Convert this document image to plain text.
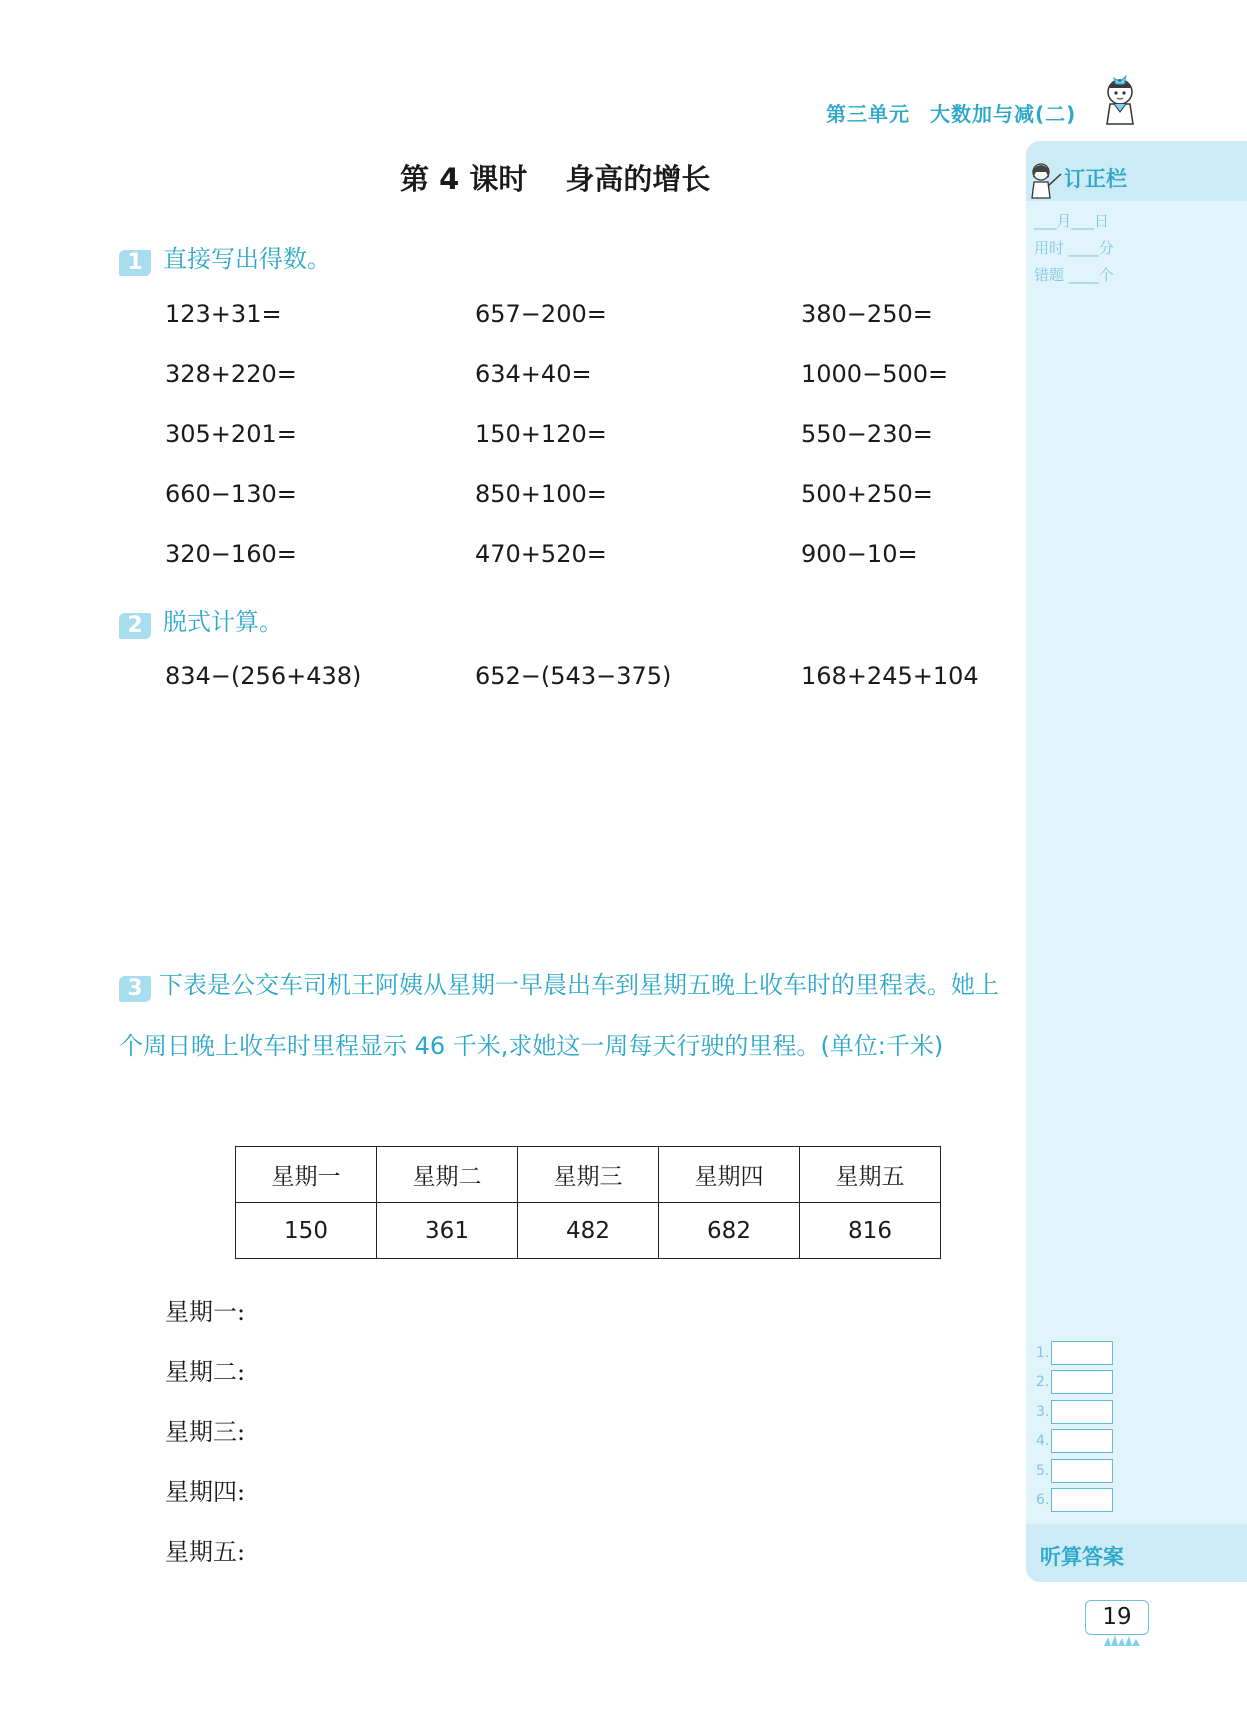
第三单元 大数加与减(二)
第 4 课时 身高的增长
1 直接写出得数。
123+31=	657−200=	380−250=
328+220=	634+40=	1000−500=
305+201=	150+120=	550−230=
660−130=	850+100=	500+250=
320−160=	470+520=	900−10=
2 脱式计算。
834−(256+438)	652−(543−375)	168+245+104
3 下表是公交车司机王阿姨从星期一早晨出车到星期五晚上收车时的里程表。她上个周日晚上收车时里程显示 46 千米,求她这一周每天行驶的里程。(单位:千米)
星期一	星期二	星期三	星期四	星期五
150	361	482	682	816
星期一:
星期二:
星期三:
星期四:
星期五:
订正栏
___月___日
用时 ____分
错题 ____个
1.
2.
3.
4.
5.
6.
听算答案
19
